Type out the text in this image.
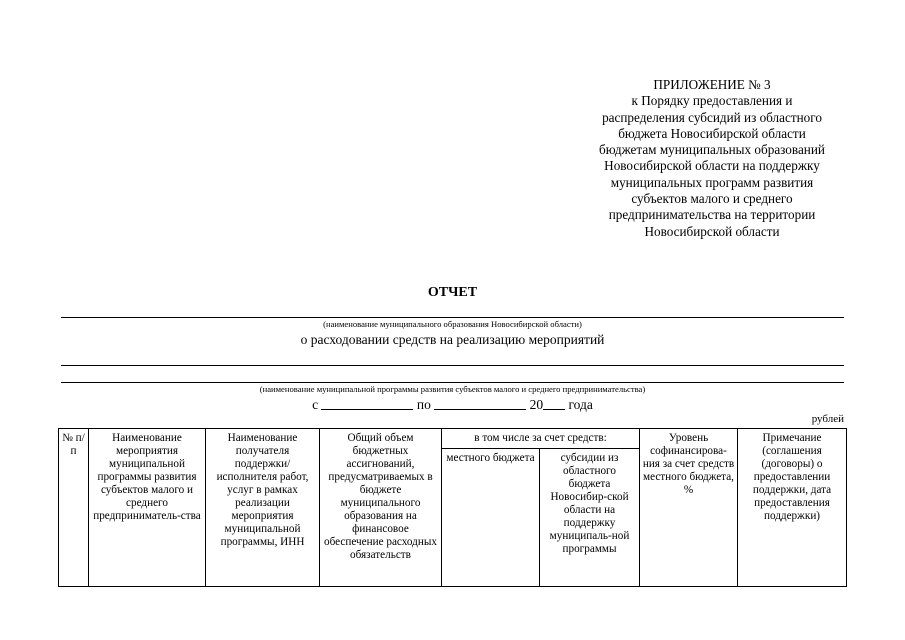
ПРИЛОЖЕНИЕ № 3
к Порядку предоставления и
распределения субсидий из областного
бюджета Новосибирской области
бюджетам муниципальных образований
Новосибирской области на поддержку
муниципальных программ развития
субъектов малого и среднего
предпринимательства на территории
Новосибирской области
ОТЧЕТ
(наименование муниципального образования Новосибирской области)
о расходовании средств на реализацию мероприятий
(наименование муниципальной программы развития субъектов малого и среднего предпринимательства)
с	по	20 года
рублей
№ п/п	Наименование мероприятия муниципальной программы развития субъектов малого и среднего предприниматель-ства	Наименование получателя поддержки/ исполнителя работ, услуг в рамках реализации мероприятия муниципальной программы, ИНН	Общий объем бюджетных ассигнований, предусматриваемых в бюджете муниципального образования на финансовое обеспечение расходных обязательств	в том числе за счет средств:		Уровень софинансирова-ния за счет средств местного бюджета, %	Примечание (соглашения (договоры) о предоставлении поддержки, дата предоставления поддержки)
				местного бюджета	субсидии из областного бюджета Новосибир-ской области на поддержку муниципаль-ной программы		
